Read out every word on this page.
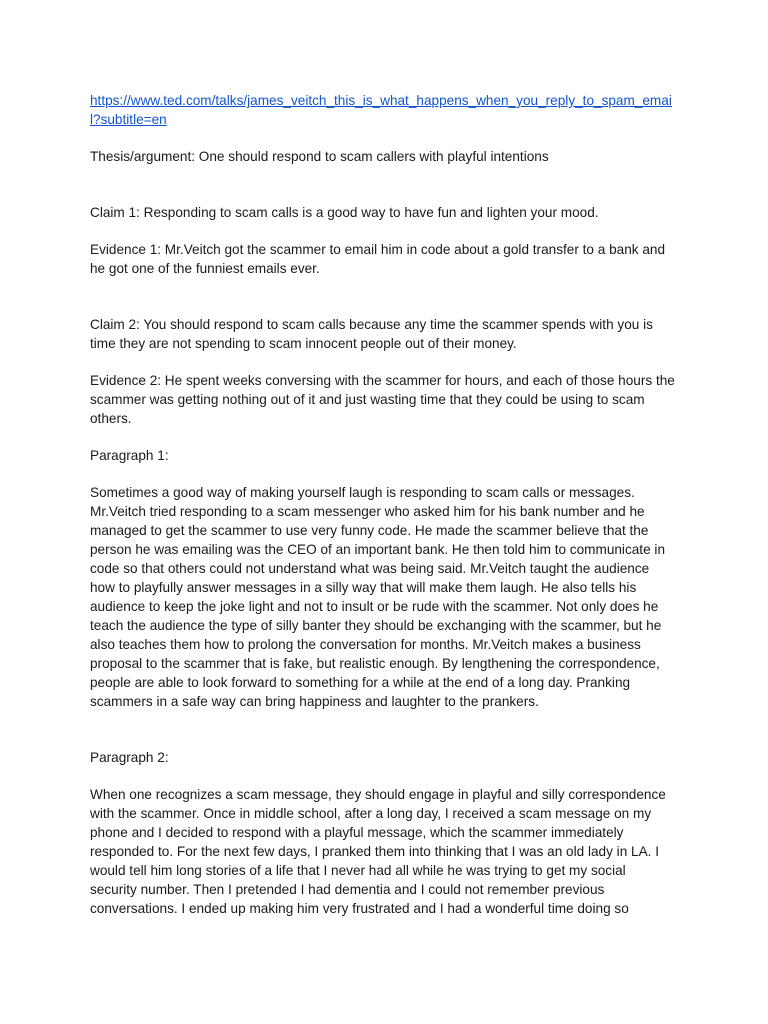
https://www.ted.com/talks/james_veitch_this_is_what_happens_when_you_reply_to_spam_email?subtitle=en

Thesis/argument: One should respond to scam callers with playful intentions

Claim 1: Responding to scam calls is a good way to have fun and lighten your mood.

Evidence 1: Mr.Veitch got the scammer to email him in code about a gold transfer to a bank and he got one of the funniest emails ever.

Claim 2: You should respond to scam calls because any time the scammer spends with you is time they are not spending to scam innocent people out of their money.

Evidence 2: He spent weeks conversing with the scammer for hours, and each of those hours the scammer was getting nothing out of it and just wasting time that they could be using to scam others.

Paragraph 1:

Sometimes a good way of making yourself laugh is responding to scam calls or messages. Mr.Veitch tried responding to a scam messenger who asked him for his bank number and he managed to get the scammer to use very funny code. He made the scammer believe that the person he was emailing was the CEO of an important bank. He then told him to communicate in code so that others could not understand what was being said. Mr.Veitch taught the audience how to playfully answer messages in a silly way that will make them laugh. He also tells his audience to keep the joke light and not to insult or be rude with the scammer. Not only does he teach the audience the type of silly banter they should be exchanging with the scammer, but he also teaches them how to prolong the conversation for months. Mr.Veitch makes a business proposal to the scammer that is fake, but realistic enough. By lengthening the correspondence, people are able to look forward to something for a while at the end of a long day. Pranking scammers in a safe way can bring happiness and laughter to the prankers.

Paragraph 2:

When one recognizes a scam message, they should engage in playful and silly correspondence with the scammer. Once in middle school, after a long day, I received a scam message on my phone and I decided to respond with a playful message, which the scammer immediately responded to. For the next few days, I pranked them into thinking that I was an old lady in LA. I would tell him long stories of a life that I never had all while he was trying to get my social security number. Then I pretended I had dementia and I could not remember previous conversations. I ended up making him very frustrated and I had a wonderful time doing so
